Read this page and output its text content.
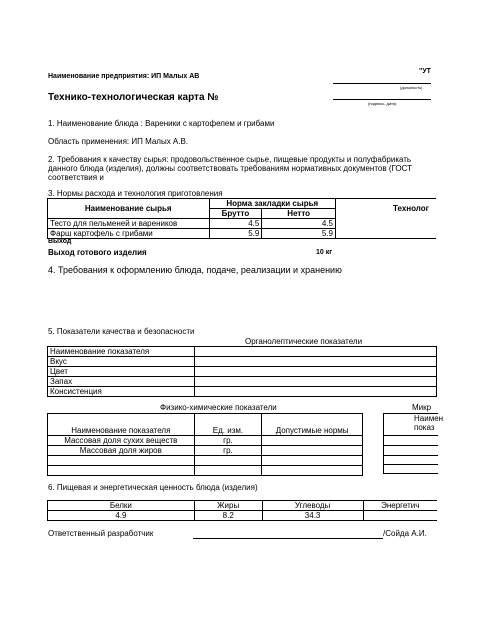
"УТ
Наименование предприятия: ИП Малых АВ
(должность)
(подпись, дата)
Технико-технологическая карта №
1. Наименование блюда : Вареники с картофелем и грибами
Область применения: ИП Малых А.В.
2. Требования к качеству сырья: продовольственное сырье, пищевые продукты и полуфабрикать
данного блюда (изделия), должны соответствовать требованиям нормативных документов (ГОСТ
соответствия и
3. Нормы расхода и технология приготовления
Наименование сырья	Норма закладки сырья	
	Брутто	Нетто
Тесто для пельменей и вареников	4.5	4.5
Фарш картофель с грибами	5.9	5.9
Технолог
Выход
Выход готового изделия	10 кг
4. Требования к оформлению блюда, подаче, реализации и хранению
5. Показатели качества и безопасности
Органолептические показатели
Наименование показателя	
Вкус	
Цвет	
Запах	
Консистенция	
Физико-химические показатели
Наименование показателя	Ед. изм.	Допустимые нормы
Массовая доля сухих веществ	гр.	
Массовая доля жиров	гр.	

Микр
Наимен
показ
6. Пищевая и энергетическая ценность блюда (изделия)
Белки	Жиры	Углеводы	Энергетич
4.9	8.2	34.3	
Ответственный разработчик	/Сойда А.И.
